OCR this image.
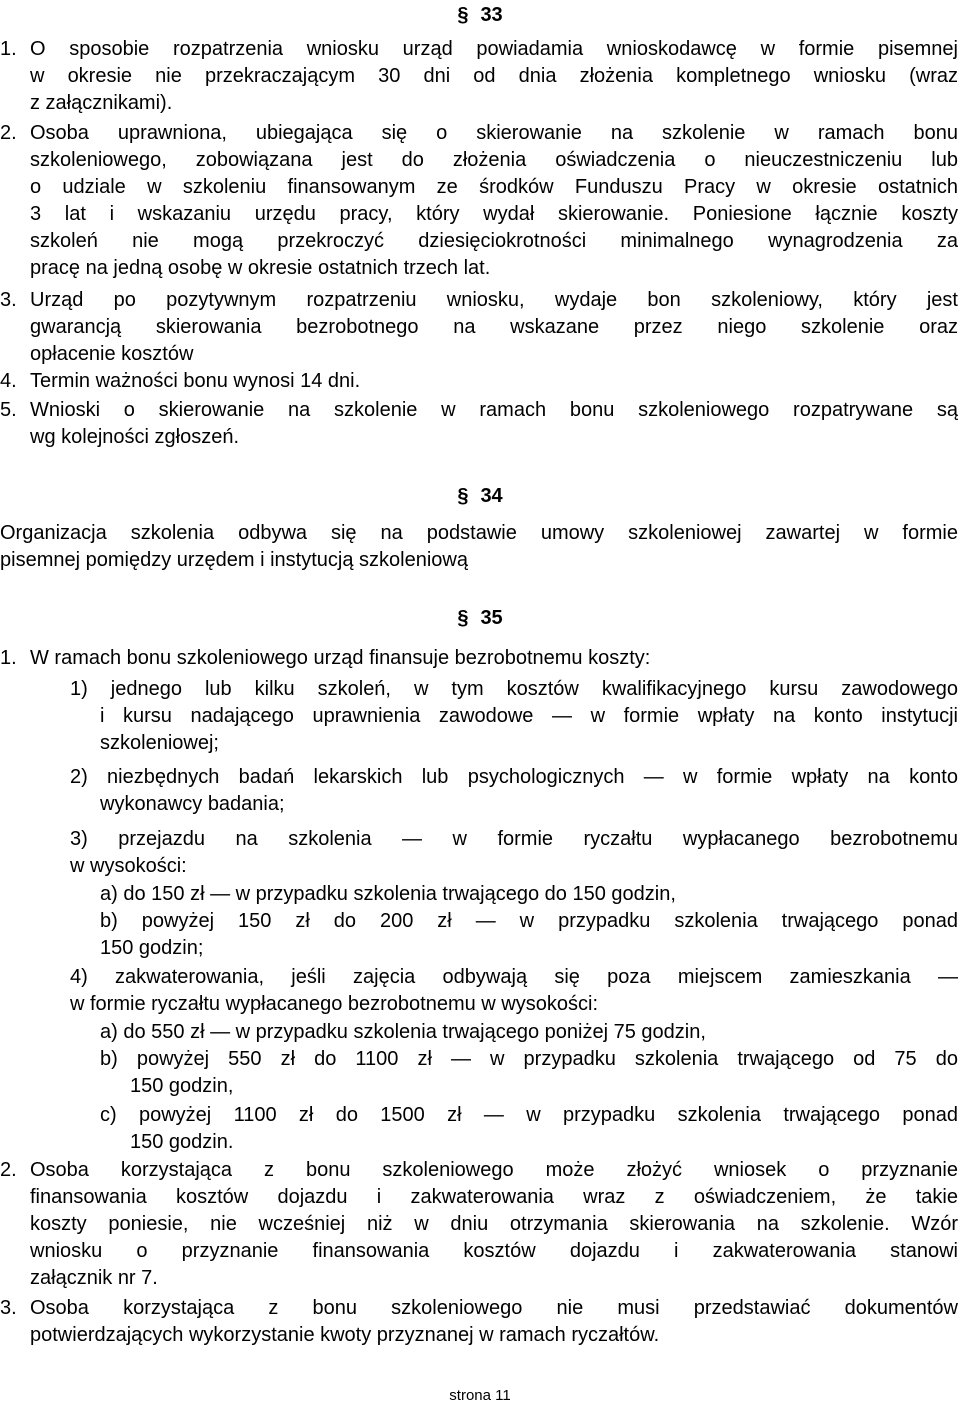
§ 33
1. O sposobie rozpatrzenia wniosku urząd powiadamia wnioskodawcę w formie pisemnej
w okresie nie przekraczającym 30 dni od dnia złożenia kompletnego wniosku (wraz
z załącznikami).
2. Osoba uprawniona, ubiegająca się o skierowanie na szkolenie w ramach bonu
szkoleniowego, zobowiązana jest do złożenia oświadczenia o nieuczestniczeniu lub
o udziale w szkoleniu finansowanym ze środków Funduszu Pracy w okresie ostatnich
3 lat i wskazaniu urzędu pracy, który wydał skierowanie. Poniesione łącznie koszty
szkoleń nie mogą przekroczyć dziesięciokrotności minimalnego wynagrodzenia za
pracę na jedną osobę w okresie ostatnich trzech lat.
3. Urząd po pozytywnym rozpatrzeniu wniosku, wydaje bon szkoleniowy, który jest
gwarancją skierowania bezrobotnego na wskazane przez niego szkolenie oraz
opłacenie kosztów
4. Termin ważności bonu wynosi 14 dni.
5. Wnioski o skierowanie na szkolenie w ramach bonu szkoleniowego rozpatrywane są
wg kolejności zgłoszeń.
§ 34
Organizacja szkolenia odbywa się na podstawie umowy szkoleniowej zawartej w formie
pisemnej pomiędzy urzędem i instytucją szkoleniową
§ 35
1. W ramach bonu szkoleniowego urząd finansuje bezrobotnemu koszty:
1) jednego lub kilku szkoleń, w tym kosztów kwalifikacyjnego kursu zawodowego
i kursu nadającego uprawnienia zawodowe — w formie wpłaty na konto instytucji
szkoleniowej;
2) niezbędnych badań lekarskich lub psychologicznych — w formie wpłaty na konto
wykonawcy badania;
3) przejazdu na szkolenia — w formie ryczałtu wypłacanego bezrobotnemu
w wysokości:
a) do 150 zł — w przypadku szkolenia trwającego do 150 godzin,
b) powyżej 150 zł do 200 zł — w przypadku szkolenia trwającego ponad
150 godzin;
4) zakwaterowania, jeśli zajęcia odbywają się poza miejscem zamieszkania —
w formie ryczałtu wypłacanego bezrobotnemu w wysokości:
a) do 550 zł — w przypadku szkolenia trwającego poniżej 75 godzin,
b) powyżej 550 zł do 1100 zł — w przypadku szkolenia trwającego od 75 do
150 godzin,
c) powyżej 1100 zł do 1500 zł — w przypadku szkolenia trwającego ponad
150 godzin.
2. Osoba korzystająca z bonu szkoleniowego może złożyć wniosek o przyznanie
finansowania kosztów dojazdu i zakwaterowania wraz z oświadczeniem, że takie
koszty poniesie, nie wcześniej niż w dniu otrzymania skierowania na szkolenie. Wzór
wniosku o przyznanie finansowania kosztów dojazdu i zakwaterowania stanowi
załącznik nr 7.
3. Osoba korzystająca z bonu szkoleniowego nie musi przedstawiać dokumentów
potwierdzających wykorzystanie kwoty przyznanej w ramach ryczałtów.
strona 11
